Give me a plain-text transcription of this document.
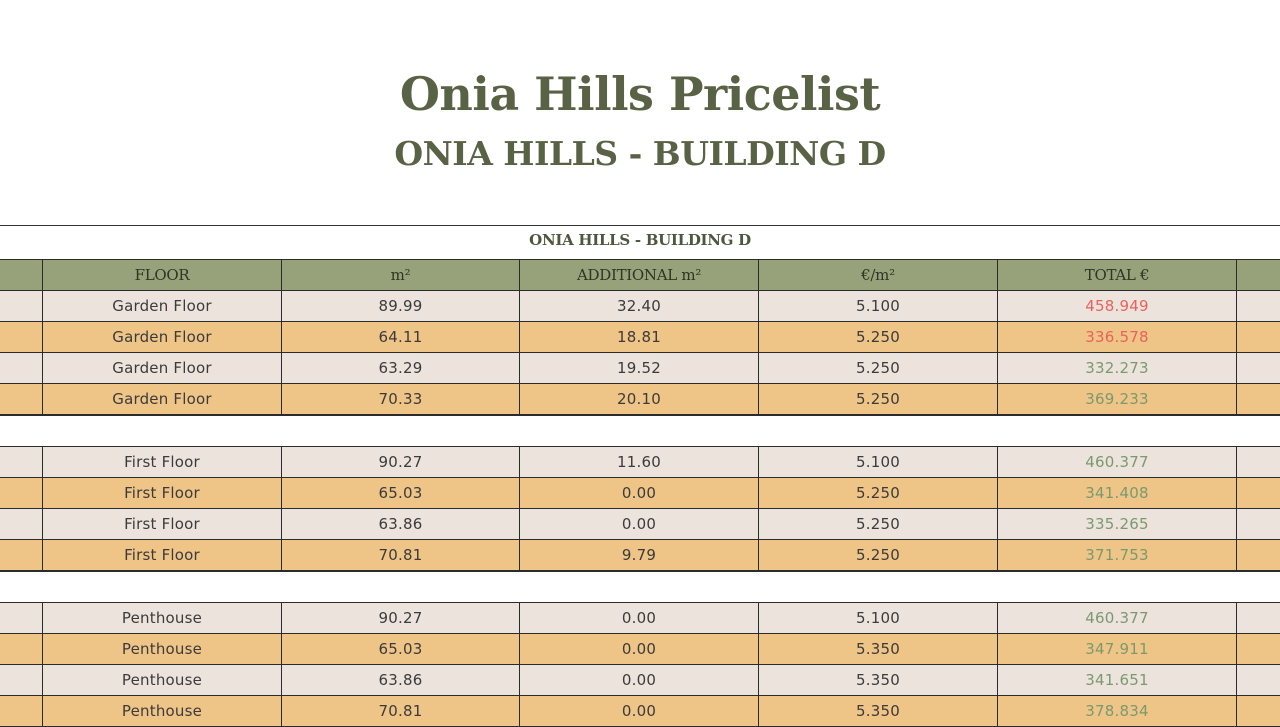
Onia Hills Pricelist
ONIA HILLS - BUILDING D
ONIA HILLS - BUILDING D
FLOOR	m²	ADDITIONAL m²	€/m²	TOTAL €
Garden Floor	89.99	32.40	5.100	458.949
Garden Floor	64.11	18.81	5.250	336.578
Garden Floor	63.29	19.52	5.250	332.273
Garden Floor	70.33	20.10	5.250	369.233
First Floor	90.27	11.60	5.100	460.377
First Floor	65.03	0.00	5.250	341.408
First Floor	63.86	0.00	5.250	335.265
First Floor	70.81	9.79	5.250	371.753
Penthouse	90.27	0.00	5.100	460.377
Penthouse	65.03	0.00	5.350	347.911
Penthouse	63.86	0.00	5.350	341.651
Penthouse	70.81	0.00	5.350	378.834
